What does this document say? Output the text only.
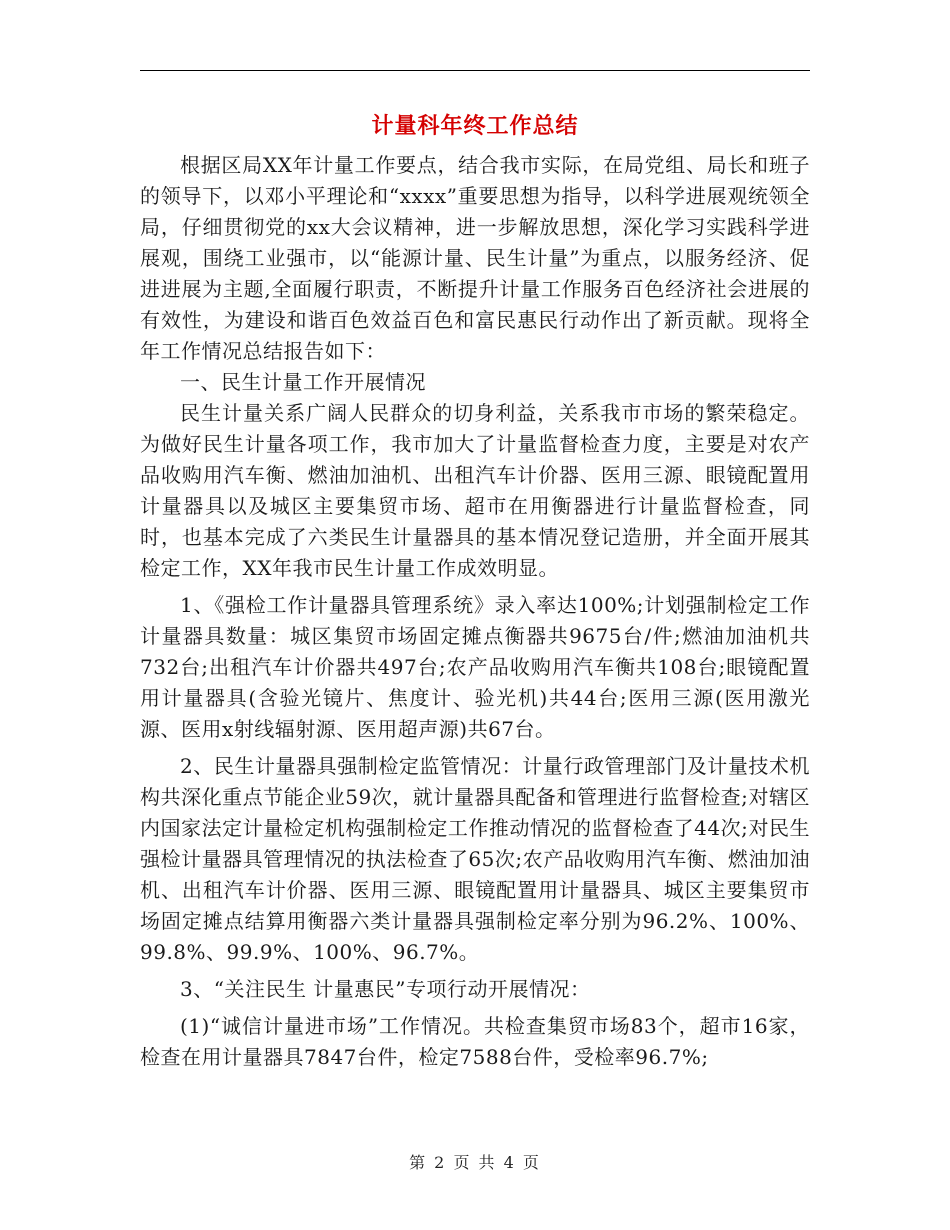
计量科年终工作总结

根据区局XX年计量工作要点，结合我市实际，在局党组、局长和班子的领导下，以邓小平理论和“xxxx”重要思想为指导，以科学进展观统领全局，仔细贯彻党的xx大会议精神，进一步解放思想，深化学习实践科学进展观，围绕工业强市，以“能源计量、民生计量”为重点，以服务经济、促进进展为主题,全面履行职责，不断提升计量工作服务百色经济社会进展的有效性，为建设和谐百色效益百色和富民惠民行动作出了新贡献。现将全年工作情况总结报告如下：

一、民生计量工作开展情况

民生计量关系广阔人民群众的切身利益，关系我市市场的繁荣稳定。为做好民生计量各项工作，我市加大了计量监督检查力度，主要是对农产品收购用汽车衡、燃油加油机、出租汽车计价器、医用三源、眼镜配置用计量器具以及城区主要集贸市场、超市在用衡器进行计量监督检查，同时，也基本完成了六类民生计量器具的基本情况登记造册，并全面开展其检定工作，XX年我市民生计量工作成效明显。

1、《强检工作计量器具管理系统》录入率达100%;计划强制检定工作计量器具数量：城区集贸市场固定摊点衡器共9675台/件;燃油加油机共732台;出租汽车计价器共497台;农产品收购用汽车衡共108台;眼镜配置用计量器具(含验光镜片、焦度计、验光机)共44台;医用三源(医用激光源、医用x射线辐射源、医用超声源)共67台。

2、民生计量器具强制检定监管情况：计量行政管理部门及计量技术机构共深化重点节能企业59次，就计量器具配备和管理进行监督检查;对辖区内国家法定计量检定机构强制检定工作推动情况的监督检查了44次;对民生强检计量器具管理情况的执法检查了65次;农产品收购用汽车衡、燃油加油机、出租汽车计价器、医用三源、眼镜配置用计量器具、城区主要集贸市场固定摊点结算用衡器六类计量器具强制检定率分别为96.2%、100%、99.8%、99.9%、100%、96.7%。

3、“关注民生 计量惠民”专项行动开展情况：

(1)“诚信计量进市场”工作情况。共检查集贸市场83个，超市16家，检查在用计量器具7847台件，检定7588台件，受检率96.7%;

第 2 页 共 4 页
